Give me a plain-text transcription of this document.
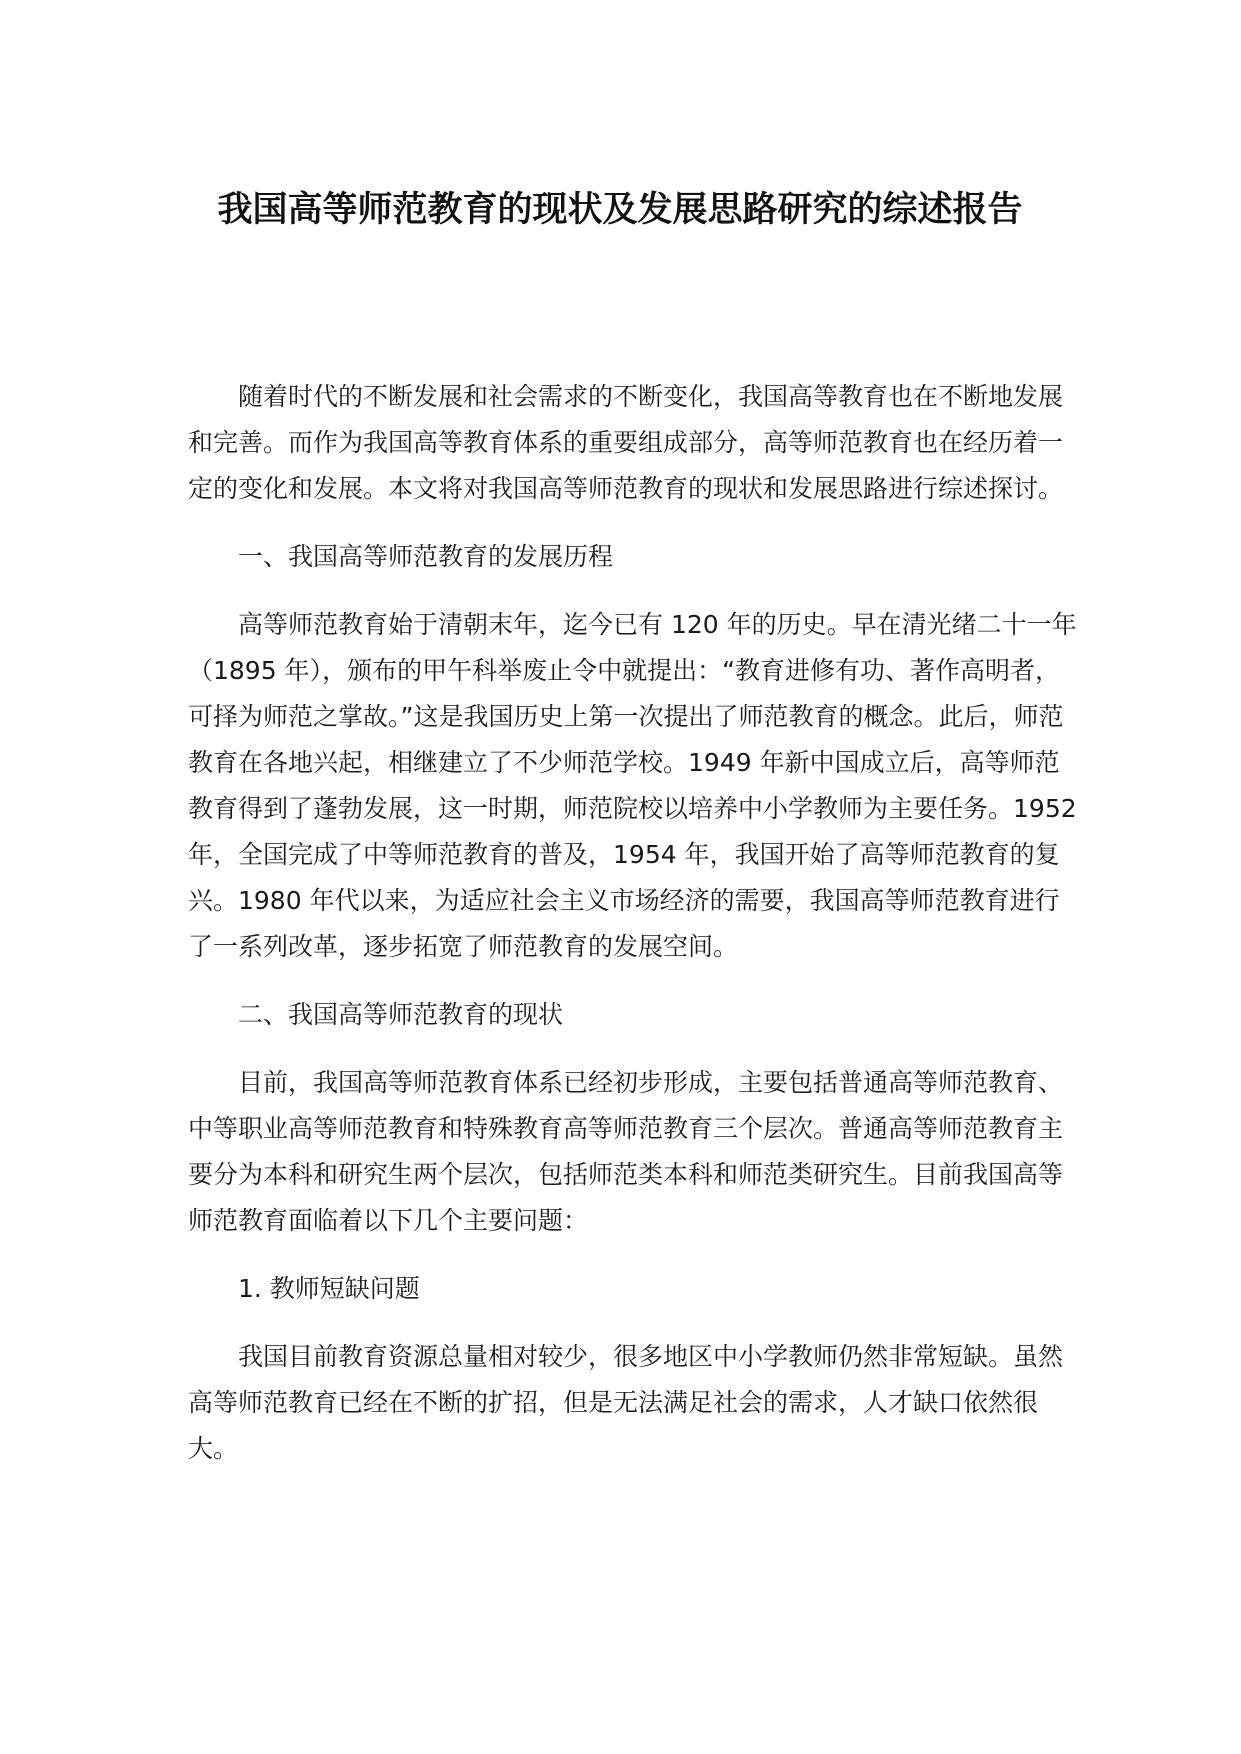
我国高等师范教育的现状及发展思路研究的综述报告

随着时代的不断发展和社会需求的不断变化，我国高等教育也在不断地发展和完善。而作为我国高等教育体系的重要组成部分，高等师范教育也在经历着一定的变化和发展。本文将对我国高等师范教育的现状和发展思路进行综述探讨。

一、我国高等师范教育的发展历程

高等师范教育始于清朝末年，迄今已有 120 年的历史。早在清光绪二十一年（1895 年），颁布的甲午科举废止令中就提出：“教育进修有功、著作高明者，可择为师范之掌故。”这是我国历史上第一次提出了师范教育的概念。此后，师范教育在各地兴起，相继建立了不少师范学校。1949 年新中国成立后，高等师范教育得到了蓬勃发展，这一时期，师范院校以培养中小学教师为主要任务。1952 年，全国完成了中等师范教育的普及，1954 年，我国开始了高等师范教育的复兴。1980 年代以来，为适应社会主义市场经济的需要，我国高等师范教育进行了一系列改革，逐步拓宽了师范教育的发展空间。

二、我国高等师范教育的现状

目前，我国高等师范教育体系已经初步形成，主要包括普通高等师范教育、中等职业高等师范教育和特殊教育高等师范教育三个层次。普通高等师范教育主要分为本科和研究生两个层次，包括师范类本科和师范类研究生。目前我国高等师范教育面临着以下几个主要问题：

1. 教师短缺问题

我国目前教育资源总量相对较少，很多地区中小学教师仍然非常短缺。虽然高等师范教育已经在不断的扩招，但是无法满足社会的需求，人才缺口依然很大。
